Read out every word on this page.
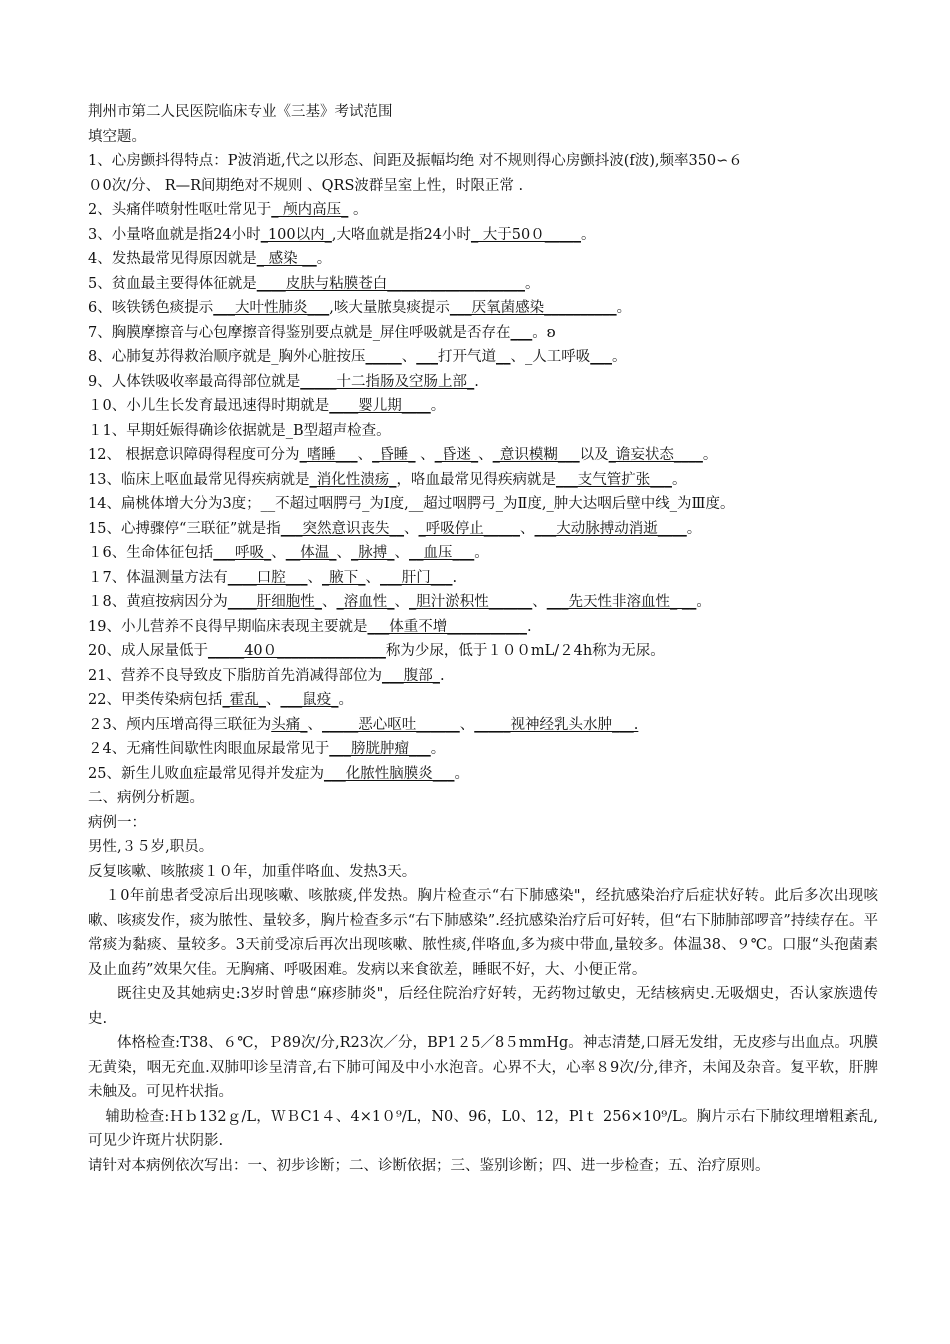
荆州市第二人民医院临床专业《三基》考试范围
填空题。
1、心房颤抖得特点：P波消逝,代之以形态、间距及振幅均绝 对不规则得心房颤抖波(f波),频率350∽６
０0次/分、 R—R间期绝对不规则 、QRS波群呈室上性，时限正常 .
2、头痛伴喷射性呕吐常见于_ 颅内高压_ 。
3、小量咯血就是指24小时_100以内_,大咯血就是指24小时_ 大于50０_____。
4、发热最常见得原因就是_ 感染 __。
5、贫血最主要得体征就是____皮肤与粘膜苍白___________________。
6、咳铁锈色痰提示___大叶性肺炎___,咳大量脓臭痰提示___厌氧菌感染__________。
7、胸膜摩擦音与心包摩擦音得鉴别要点就是_屏住呼吸就是否存在___。ʚ
8、心肺复苏得救治顺序就是_胸外心脏按压_____、___打开气道__、_人工呼吸___。
9、人体铁吸收率最高得部位就是_____十二指肠及空肠上部_.
１0、小儿生长发育最迅速得时期就是____婴儿期____。
１1、早期妊娠得确诊依据就是_B型超声检查。
12、 根据意识障碍得程度可分为_嗜睡___、_昏睡_ 、_昏迷_、_意识模糊___以及_谵妄状态____。
13、临床上呕血最常见得疾病就是_消化性溃疡_，咯血最常见得疾病就是___支气管扩张___。
14、扁桃体增大分为3度；__不超过咽腭弓_为Ⅰ度,__超过咽腭弓_为Ⅱ度,_肿大达咽后壁中线_为Ⅲ度。
15、心搏骤停“三联征”就是指___突然意识丧失__、_呼吸停止_____、___大动脉搏动消逝____。
１6、生命体征包括___呼吸_、__体温_、_脉搏_、__血压___。
１7、体温测量方法有____口腔___、_腋下_、___肝门___.
１8、黄疸按病因分为____肝细胞性_、_溶血性_、_胆汁淤积性______、___先天性非溶血性_ __。
19、小儿营养不良得早期临床表现主要就是___体重不增___________.
20、成人尿量低于_____40０_______________称为少尿，低于１００mL/２4h称为无尿。
21、营养不良导致皮下脂肪首先消减得部位为___腹部_.
22、甲类传染病包括_霍乱_、___鼠疫_。
２3、颅内压增高得三联征为头痛_、_____恶心呕吐______、_____视神经乳头水肿___.
２4、无痛性间歇性肉眼血尿最常见于___膀胱肿瘤___。
25、新生儿败血症最常见得并发症为___化脓性脑膜炎___。
二、病例分析题。
病例一：
男性,３５岁,职员。
反复咳嗽、咳脓痰１０年，加重伴咯血、发热3天。
１0年前患者受凉后出现咳嗽、咳脓痰,伴发热。胸片检查示“右下肺感染"，经抗感染治疗后症状好转。此后多次出现咳嗽、咳痰发作，痰为脓性、量较多，胸片检查多示“右下肺感染”.经抗感染治疗后可好转，但“右下肺肺部啰音”持续存在。平常痰为黏痰、量较多。3天前受凉后再次出现咳嗽、脓性痰,伴咯血,多为痰中带血,量较多。体温38、９℃。口服“头孢菌素及止血药”效果欠佳。无胸痛、呼吸困难。发病以来食欲差，睡眠不好，大、小便正常。
既往史及其她病史:3岁时曾患“麻疹肺炎"，后经住院治疗好转，无药物过敏史，无结核病史.无吸烟史，否认家族遗传史.
体格检查:T38、６℃，Ｐ89次/分,R23次／分，BP1２5／8５mmHg。神志清楚,口唇无发绀，无皮疹与出血点。巩膜无黄染，咽无充血.双肺叩诊呈清音,右下肺可闻及中小水泡音。心界不大，心率８9次/分,律齐，未闻及杂音。复平软，肝脾未触及。可见杵状指。
辅助检查:Ｈｂ132ｇ/L，ＷＢC1４、4×1０⁹/L，N0、96，L0、12，Plｔ 256×10⁹/L。胸片示右下肺纹理增粗紊乱,可见少许斑片状阴影.
请针对本病例依次写出：一、初步诊断；二、诊断依据；三、鉴别诊断；四、进一步检查；五、治疗原则。
